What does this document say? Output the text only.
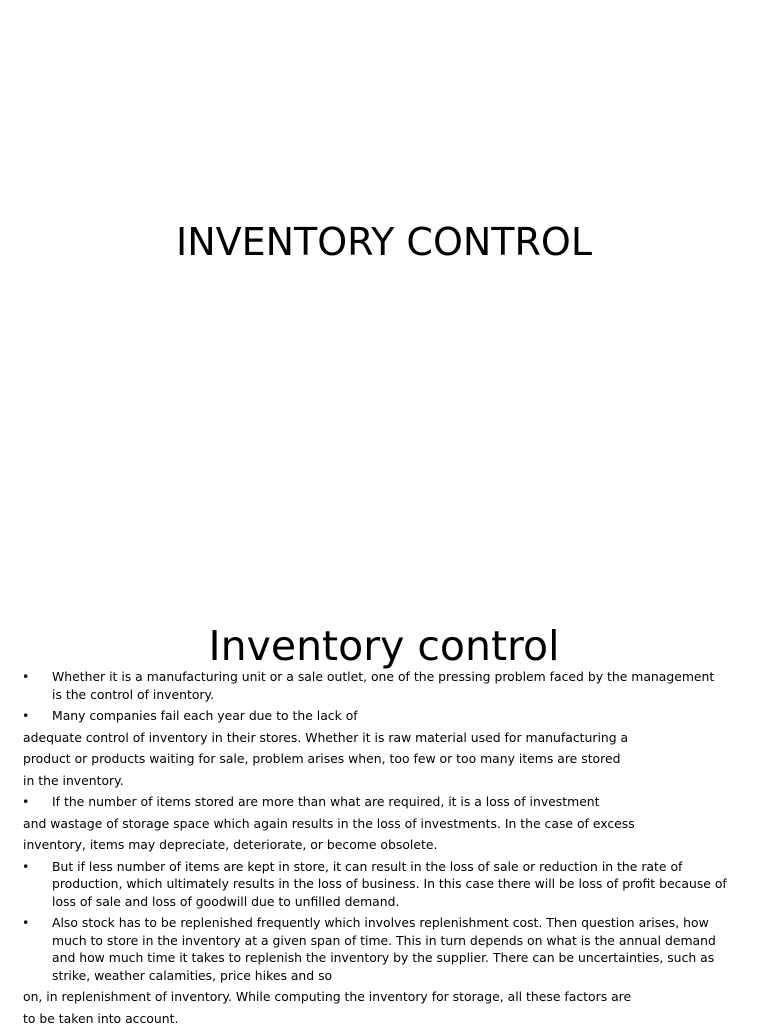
INVENTORY CONTROL
Inventory control
• Whether it is a manufacturing unit or a sale outlet, one of the pressing problem faced by the management is the control of inventory.
• Many companies fail each year due to the lack of
adequate control of inventory in their stores. Whether it is raw material used for manufacturing a
product or products waiting for sale, problem arises when, too few or too many items are stored
in the inventory.
• If the number of items stored are more than what are required, it is a loss of investment
and wastage of storage space which again results in the loss of investments. In the case of excess
inventory, items may depreciate, deteriorate, or become obsolete.
• But if less number of items are kept in store, it can result in the loss of sale or reduction in the rate of production, which ultimately results in the loss of business. In this case there will be loss of profit because of loss of sale and loss of goodwill due to unfilled demand.
• Also stock has to be replenished frequently which involves replenishment cost. Then question arises, how much to store in the inventory at a given span of time. This in turn depends on what is the annual demand and how much time it takes to replenish the inventory by the supplier. There can be uncertainties, such as strike, weather calamities, price hikes and so
on, in replenishment of inventory. While computing the inventory for storage, all these factors are
to be taken into account.
